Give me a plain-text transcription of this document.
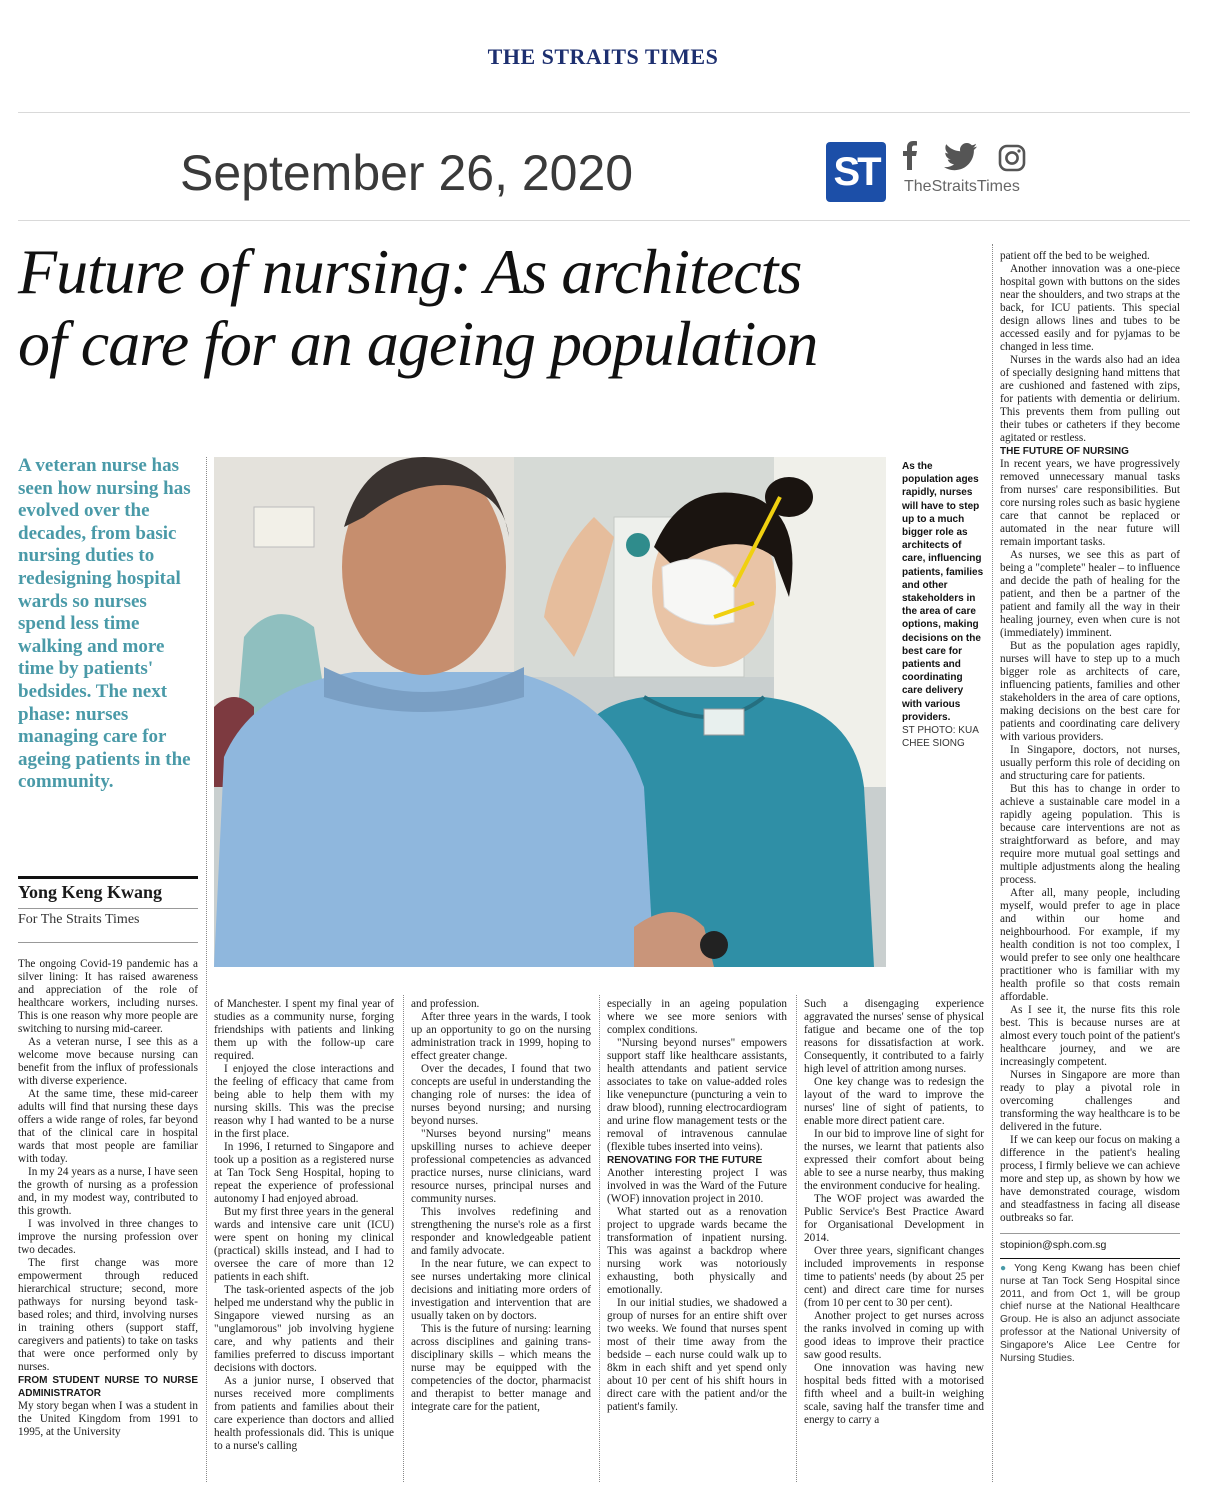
THE STRAITS TIMES
September 26, 2020	ST	TheStraitsTimes
Future of nursing: As architects
of care for an ageing population
A veteran nurse has seen how nursing has evolved over the decades, from basic nursing duties to redesigning hospital wards so nurses spend less time walking and more time by patients' bedsides. The next phase: nurses managing care for ageing patients in the community.
Yong Keng Kwang
For The Straits Times
As the population ages rapidly, nurses will have to step up to a much bigger role as architects of care, influencing patients, families and other stakeholders in the area of care options, making decisions on the best care for patients and coordinating care delivery with various providers.
ST PHOTO: KUA CHEE SIONG

The ongoing Covid-19 pandemic has a silver lining: It has raised awareness and appreciation of the role of healthcare workers, including nurses. This is one reason why more people are switching to nursing mid-career.

As a veteran nurse, I see this as a welcome move because nursing can benefit from the influx of professionals with diverse experience.

At the same time, these mid-career adults will find that nursing these days offers a wide range of roles, far beyond that of the clinical care in hospital wards that most people are familiar with today.

In my 24 years as a nurse, I have seen the growth of nursing as a profession and, in my modest way, contributed to this growth.

I was involved in three changes to improve the nursing profession over two decades.

The first change was more empowerment through reduced hierarchical structure; second, more pathways for nursing beyond task-based roles; and third, involving nurses in training others (support staff, caregivers and patients) to take on tasks that were once performed only by nurses.

FROM STUDENT NURSE TO NURSE ADMINISTRATOR

My story began when I was a student in the United Kingdom from 1991 to 1995, at the University

of Manchester. I spent my final year of studies as a community nurse, forging friendships with patients and linking them up with the follow-up care required.

I enjoyed the close interactions and the feeling of efficacy that came from being able to help them with my nursing skills. This was the precise reason why I had wanted to be a nurse in the first place.

In 1996, I returned to Singapore and took up a position as a registered nurse at Tan Tock Seng Hospital, hoping to repeat the experience of professional autonomy I had enjoyed abroad.

But my first three years in the general wards and intensive care unit (ICU) were spent on honing my clinical (practical) skills instead, and I had to oversee the care of more than 12 patients in each shift.

The task-oriented aspects of the job helped me understand why the public in Singapore viewed nursing as an "unglamorous" job involving hygiene care, and why patients and their families preferred to discuss important decisions with doctors.

As a junior nurse, I observed that nurses received more compliments from patients and families about their care experience than doctors and allied health professionals did. This is unique to a nurse's calling

and profession.

After three years in the wards, I took up an opportunity to go on the nursing administration track in 1999, hoping to effect greater change.

Over the decades, I found that two concepts are useful in understanding the changing role of nurses: the idea of nurses beyond nursing; and nursing beyond nurses.

"Nurses beyond nursing" means upskilling nurses to achieve deeper professional competencies as advanced practice nurses, nurse clinicians, ward resource nurses, principal nurses and community nurses.

This involves redefining and strengthening the nurse's role as a first responder and knowledgeable patient and family advocate.

In the near future, we can expect to see nurses undertaking more clinical decisions and initiating more orders of investigation and intervention that are usually taken on by doctors.

This is the future of nursing: learning across disciplines and gaining trans-disciplinary skills – which means the nurse may be equipped with the competencies of the doctor, pharmacist and therapist to better manage and integrate care for the patient,

especially in an ageing population where we see more seniors with complex conditions.

"Nursing beyond nurses" empowers support staff like healthcare assistants, health attendants and patient service associates to take on value-added roles like venepuncture (puncturing a vein to draw blood), running electrocardiogram and urine flow management tests or the removal of intravenous cannulae (flexible tubes inserted into veins).

RENOVATING FOR THE FUTURE

Another interesting project I was involved in was the Ward of the Future (WOF) innovation project in 2010.

What started out as a renovation project to upgrade wards became the transformation of inpatient nursing. This was against a backdrop where nursing work was notoriously exhausting, both physically and emotionally.

In our initial studies, we shadowed a group of nurses for an entire shift over two weeks. We found that nurses spent most of their time away from the bedside – each nurse could walk up to 8km in each shift and yet spend only about 10 per cent of his shift hours in direct care with the patient and/or the patient's family.

Such a disengaging experience aggravated the nurses' sense of physical fatigue and became one of the top reasons for dissatisfaction at work. Consequently, it contributed to a fairly high level of attrition among nurses.

One key change was to redesign the layout of the ward to improve the nurses' line of sight of patients, to enable more direct patient care.

In our bid to improve line of sight for the nurses, we learnt that patients also expressed their comfort about being able to see a nurse nearby, thus making the environment conducive for healing.

The WOF project was awarded the Public Service's Best Practice Award for Organisational Development in 2014.

Over three years, significant changes included improvements in response time to patients' needs (by about 25 per cent) and direct care time for nurses (from 10 per cent to 30 per cent).

Another project to get nurses across the ranks involved in coming up with good ideas to improve their practice saw good results.

One innovation was having new hospital beds fitted with a motorised fifth wheel and a built-in weighing scale, saving half the transfer time and energy to carry a

patient off the bed to be weighed.

Another innovation was a one-piece hospital gown with buttons on the sides near the shoulders, and two straps at the back, for ICU patients. This special design allows lines and tubes to be accessed easily and for pyjamas to be changed in less time.

Nurses in the wards also had an idea of specially designing hand mittens that are cushioned and fastened with zips, for patients with dementia or delirium. This prevents them from pulling out their tubes or catheters if they become agitated or restless.

THE FUTURE OF NURSING

In recent years, we have progressively removed unnecessary manual tasks from nurses' care responsibilities. But core nursing roles such as basic hygiene care that cannot be replaced or automated in the near future will remain important tasks.

As nurses, we see this as part of being a "complete" healer – to influence and decide the path of healing for the patient, and then be a partner of the patient and family all the way in their healing journey, even when cure is not (immediately) imminent.

But as the population ages rapidly, nurses will have to step up to a much bigger role as architects of care, influencing patients, families and other stakeholders in the area of care options, making decisions on the best care for patients and coordinating care delivery with various providers.

In Singapore, doctors, not nurses, usually perform this role of deciding on and structuring care for patients.

But this has to change in order to achieve a sustainable care model in a rapidly ageing population. This is because care interventions are not as straightforward as before, and may require more mutual goal settings and multiple adjustments along the healing process.

After all, many people, including myself, would prefer to age in place and within our home and neighbourhood. For example, if my health condition is not too complex, I would prefer to see only one healthcare practitioner who is familiar with my health profile so that costs remain affordable.

As I see it, the nurse fits this role best. This is because nurses are at almost every touch point of the patient's healthcare journey, and we are increasingly competent.

Nurses in Singapore are more than ready to play a pivotal role in overcoming challenges and transforming the way healthcare is to be delivered in the future.

If we can keep our focus on making a difference in the patient's healing process, I firmly believe we can achieve more and step up, as shown by how we have demonstrated courage, wisdom and steadfastness in facing all disease outbreaks so far.

stopinion@sph.com.sg
● Yong Keng Kwang has been chief nurse at Tan Tock Seng Hospital since 2011, and from Oct 1, will be group chief nurse at the National Healthcare Group. He is also an adjunct associate professor at the National University of Singapore's Alice Lee Centre for Nursing Studies.
